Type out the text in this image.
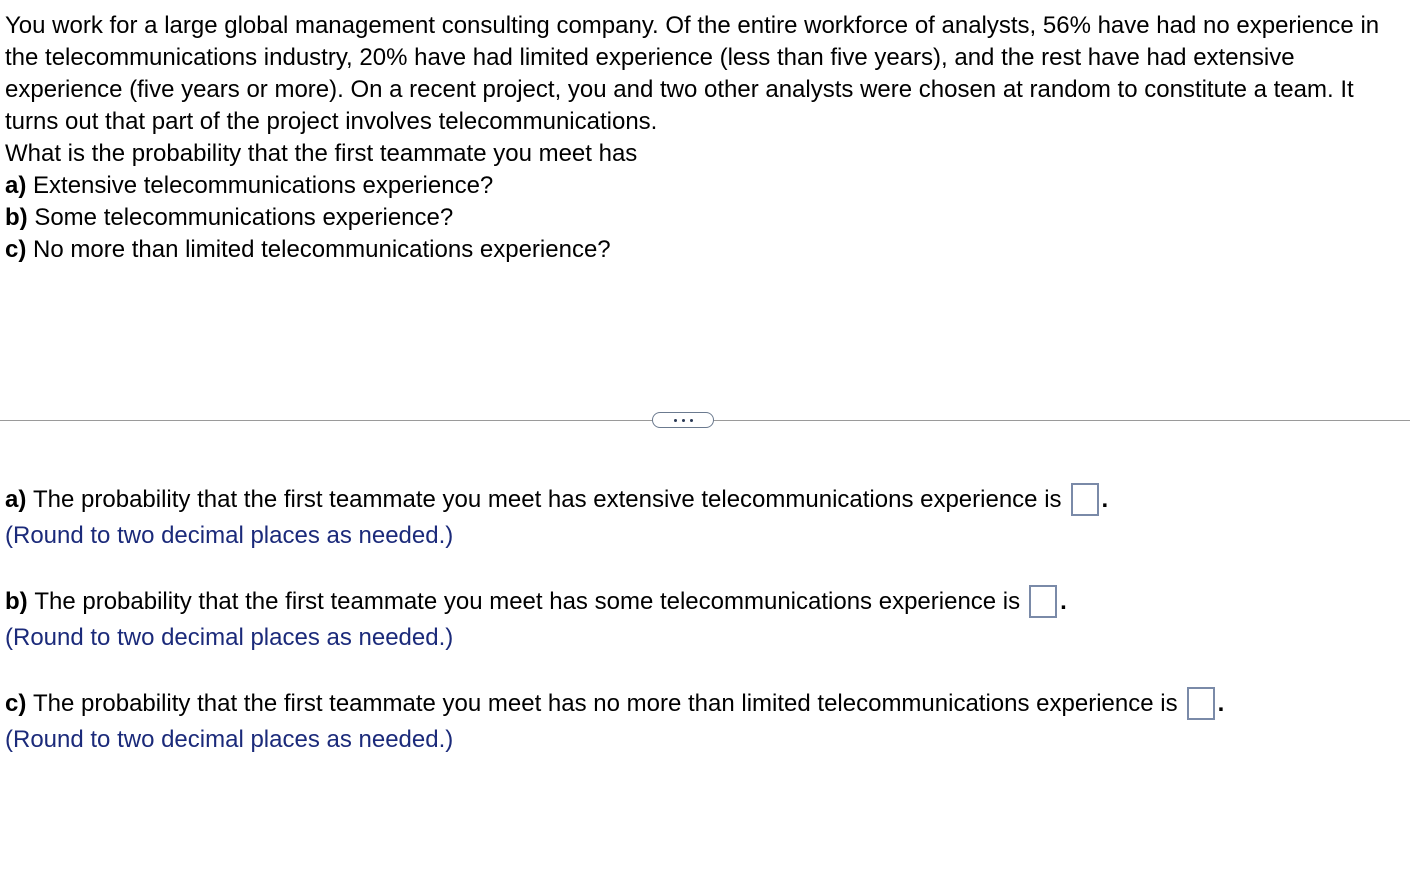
You work for a large global management consulting company. Of the entire workforce of analysts, 56% have had no experience in the telecommunications industry, 20% have had limited experience (less than five years), and the rest have had extensive experience (five years or more). On a recent project, you and two other analysts were chosen at random to constitute a team. It turns out that part of the project involves telecommunications.

What is the probability that the first teammate you meet has

a) Extensive telecommunications experience?

b) Some telecommunications experience?

c) No more than limited telecommunications experience?

a)
The probability that the first teammate you meet has extensive telecommunications experience is .
(Round to two decimal places as needed.)
b)
The probability that the first teammate you meet has some telecommunications experience is .
(Round to two decimal places as needed.)
c)
The probability that the first teammate you meet has no more than limited telecommunications experience is .
(Round to two decimal places as needed.)
